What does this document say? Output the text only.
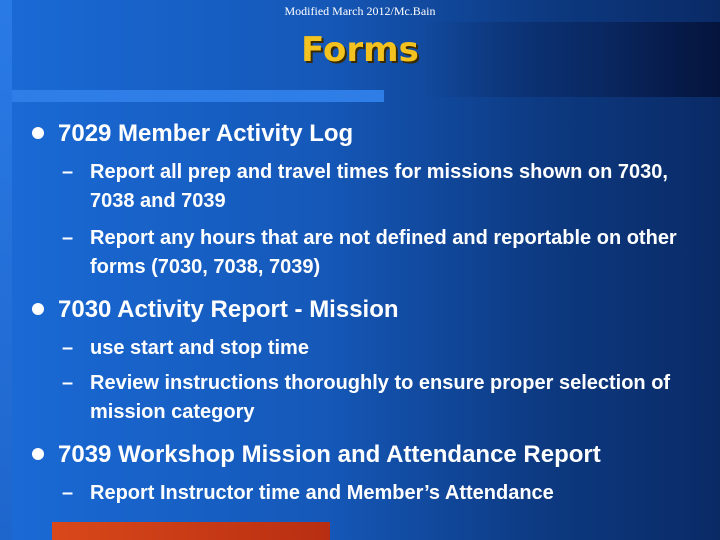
Modified March 2012/Mc.Bain
Forms
7029 Member Activity Log
– Report all prep and travel times for missions shown on 7030, 7038 and 7039
– Report any hours that are not defined and reportable on other forms (7030, 7038, 7039)
7030 Activity Report - Mission
– use start and stop time
– Review instructions thoroughly to ensure proper selection of mission category
7039 Workshop Mission and Attendance Report
– Report Instructor time and Member’s Attendance
